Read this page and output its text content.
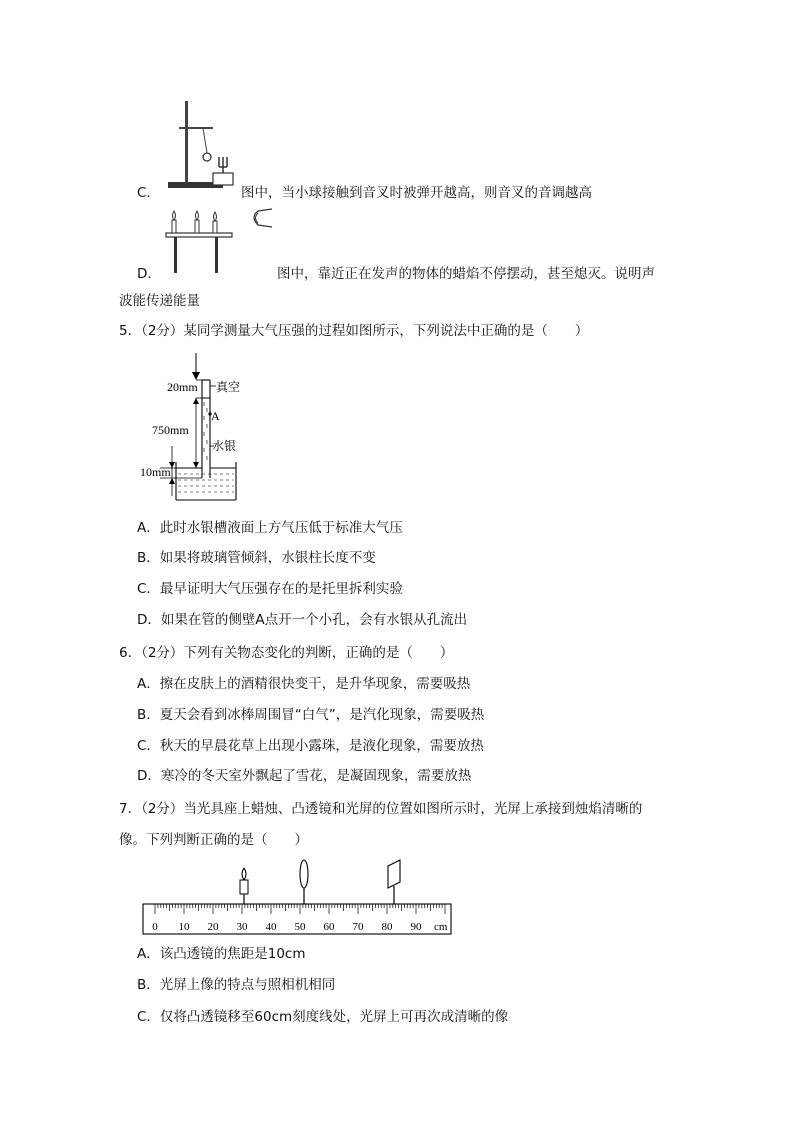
C．	图中，当小球接触到音叉时被弹开越高，则音叉的音调越高
D．	图中，靠近正在发声的物体的蜡焰不停摆动，甚至熄灭。说明声
波能传递能量
5．（2分）某同学测量大气压强的过程如图所示，下列说法中正确的是（　　）
A
真空
水银
20mm
750mm
10mm
A．此时水银槽液面上方气压低于标准大气压
B．如果将玻璃管倾斜，水银柱长度不变
C．最早证明大气压强存在的是托里拆利实验
D．如果在管的侧壁A点开一个小孔，会有水银从孔流出
6．（2分）下列有关物态变化的判断，正确的是（　　）
A．擦在皮肤上的酒精很快变干，是升华现象，需要吸热
B．夏天会看到冰棒周围冒“白气”，是汽化现象，需要吸热
C．秋天的早晨花草上出现小露珠，是液化现象，需要放热
D．寒冷的冬天室外飘起了雪花，是凝固现象，需要放热
7．（2分）当光具座上蜡烛、凸透镜和光屏的位置如图所示时，光屏上承接到烛焰清晰的
像。下列判断正确的是（　　）
0 10 20 30 40 50 60 70 80 90 cm
A．该凸透镜的焦距是10cm
B．光屏上像的特点与照相机相同
C．仅将凸透镜移至60cm刻度线处，光屏上可再次成清晰的像
